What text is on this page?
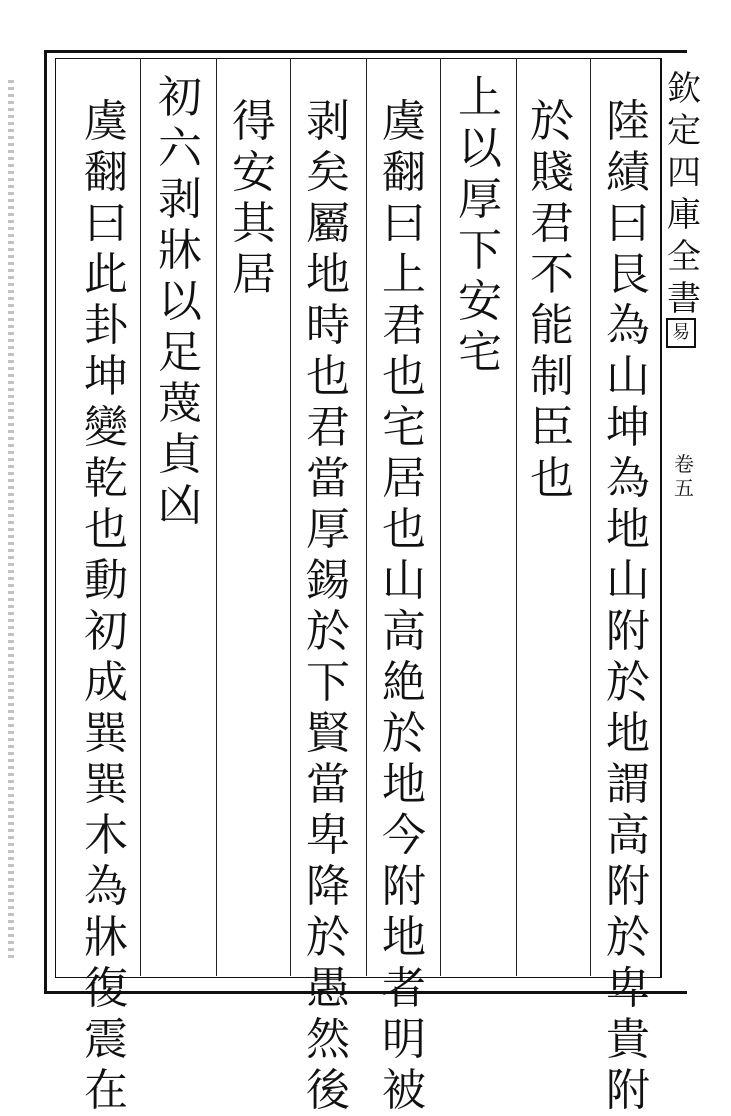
欽
定
四
庫
全
書
易
卷
五
陸
績
曰
艮
為
山
坤
為
地
山
附
於
地
謂
高
附
於
卑
貴
附
於
賤
君
不
能
制
臣
也
上
以
厚
下
安
宅
虞
翻
曰
上
君
也
宅
居
也
山
高
絶
於
地
今
附
地
者
明
被
剥
矣
屬
地
時
也
君
當
厚
錫
於
下
賢
當
卑
降
於
愚
然
後
得
安
其
居
初
六
剥
牀
以
足
蔑
貞
凶
虞
翻
曰
此
卦
坤
變
乾
也
動
初
成
巽
巽
木
為
牀
復
震
在
